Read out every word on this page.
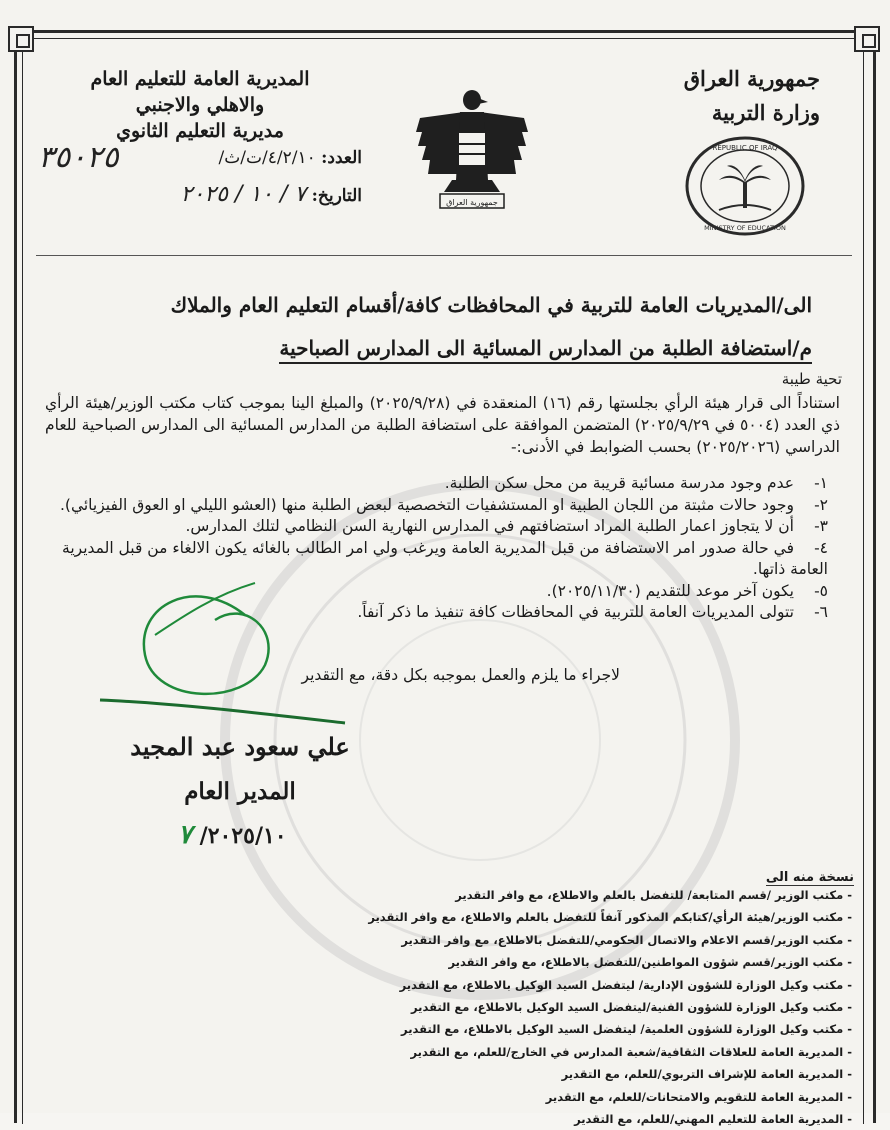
جمهورية العراق
وزارة التربية
المديرية العامة للتعليم العام
والاهلي والاجنبي
مديرية التعليم الثانوي
العدد: ٤/٢/١٠/ت/ث/
٣٥٠٢٥
التاريخ: ٧ / ١٠ / ٢٠٢٥	جمهورية العراق
REPUBLIC OF IRAQ
MINISTRY OF EDUCATION
الى/المديريات العامة للتربية في المحافظات كافة/أقسام التعليم العام والملاك
م/استضافة الطلبة من المدارس المسائية الى المدارس الصباحية
تحية طيبة
استناداً الى قرار هيئة الرأي بجلستها رقم (١٦) المنعقدة في (٢٠٢٥/٩/٢٨) والمبلغ الينا بموجب كتاب مكتب الوزير/هيئة الرأي ذي العدد (٥٠٠٤ في ٢٠٢٥/٩/٢٩) المتضمن الموافقة على استضافة الطلبة من المدارس المسائية الى المدارس الصباحية للعام الدراسي (٢٠٢٥/٢٠٢٦) بحسب الضوابط في الأدنى:-
١-عدم وجود مدرسة مسائية قريبة من محل سكن الطلبة.
٢-وجود حالات مثبتة من اللجان الطبية او المستشفيات التخصصية لبعض الطلبة منها (العشو الليلي او العوق الفيزيائي).
٣-أن لا يتجاوز اعمار الطلبة المراد استضافتهم في المدارس النهارية السن النظامي لتلك المدارس.
٤-في حالة صدور امر الاستضافة من قبل المديرية العامة ويرغب ولي امر الطالب بالغائه يكون الالغاء من قبل المديرية العامة ذاتها.
٥-يكون آخر موعد للتقديم (٢٠٢٥/١١/٣٠).
٦-تتولى المديريات العامة للتربية في المحافظات كافة تنفيذ ما ذكر آنفاً.
لاجراء ما يلزم والعمل بموجبه بكل دقة، مع التقدير
علي سعود عبد المجيد
المدير العام
٢٠٢٥/١٠/ ٧
نسخة منه الى
- مكتب الوزير /قسم المتابعة/ للتفضل بالعلم والاطلاع، مع وافر التقدير
- مكتب الوزير/هيئة الرأي/كتابكم المذكور آنفاً للتفضل بالعلم والاطلاع، مع وافر التقدير
- مكتب الوزير/قسم الاعلام والاتصال الحكومي/للتفضل بالاطلاع، مع وافر التقدير
- مكتب الوزير/قسم شؤون المواطنين/للتفضل بالاطلاع، مع وافر التقدير
- مكتب وكيل الوزارة للشؤون الإدارية/ ليتفضل السيد الوكيل بالاطلاع، مع التقدير
- مكتب وكيل الوزارة للشؤون الفنية/ليتفضل السيد الوكيل بالاطلاع، مع التقدير
- مكتب وكيل الوزارة للشؤون العلمية/ ليتفضل السيد الوكيل بالاطلاع، مع التقدير
- المديرية العامة للعلاقات الثقافية/شعبة المدارس في الخارج/للعلم، مع التقدير
- المديرية العامة للإشراف التربوي/للعلم، مع التقدير
- المديرية العامة للتقويم والامتحانات/للعلم، مع التقدير
- المديرية العامة للتعليم المهني/للعلم، مع التقدير
